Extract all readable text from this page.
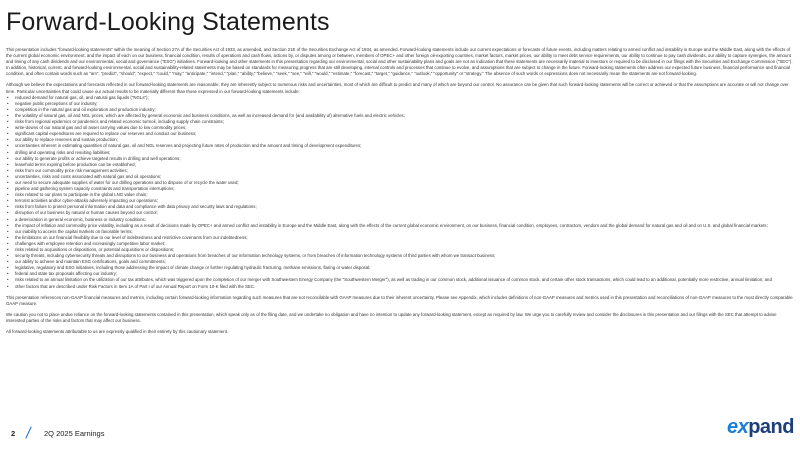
Forward-Looking Statements

This presentation includes "forward-looking statements" within the meaning of Section 27A of the Securities Act of 1933, as amended, and Section 21E of the Securities Exchange Act of 1934, as amended. Forward-looking statements include our current expectations or forecasts of future events, including matters relating to armed conflict and instability in Europe and the Middle East, along with the effects of the current global economic environment, and the impact of each on our business, financial condition, results of operations and cash flows, actions by, or disputes among or between, members of OPEC+ and other foreign oil-exporting countries, market factors, market prices, our ability to meet debt service requirements, our ability to continue to pay cash dividends, our ability to capture synergies, the amount and timing of any cash dividends and our environmental, social and governance ("ESG") initiatives. Forward-looking and other statements in this presentation regarding our environmental, social and other sustainability plans and goals are not an indication that these statements are necessarily material to investors or required to be disclosed in our filings with the Securities and Exchange Commission ("SEC"). In addition, historical, current, and forward-looking environmental, social and sustainability-related statements may be based on standards for measuring progress that are still developing, internal controls and processes that continue to evolve, and assumptions that are subject to change in the future. Forward-looking statements often address our expected future business, financial performance and financial condition, and often contain words such as "am", "predict", "should", "expect," "could," "may," "anticipate," "intend," "plan," "ability," "believe," "seek," "see," "will," "would," "estimate," "forecast," "target," "guidance," "outlook," "opportunity" or "strategy." The absence of such words or expressions does not necessarily mean the statements are not forward-looking.

Although we believe the expectations and forecasts reflected in our forward-looking statements are reasonable, they are inherently subject to numerous risks and uncertainties, most of which are difficult to predict and many of which are beyond our control. No assurance can be given that such forward-looking statements will be correct or achieved or that the assumptions are accurate or will not change over time. Particular uncertainties that could cause our actual results to be materially different than those expressed in our forward-looking statements include:

• reduced demand for natural gas, oil, and natural gas liquids ("NGLs");
• negative public perceptions of our industry;
• competition in the natural gas and oil exploration and production industry;
• the volatility of natural gas, oil and NGL prices, which are affected by general economic and business conditions, as well as increased demand for (and availability of) alternative fuels and electric vehicles;
• risks from regional epidemics or pandemics and related economic turmoil, including supply chain constraints;
• write-downs of our natural gas and oil asset carrying values due to low commodity prices;
• significant capital expenditures are required to replace our reserves and conduct our business;
• our ability to replace reserves and sustain production;
• uncertainties inherent in estimating quantities of natural gas, oil and NGL reserves and projecting future rates of production and the amount and timing of development expenditures;
• drilling and operating risks and resulting liabilities;
• our ability to generate profits or achieve targeted results in drilling and well operations;
• leasehold terms expiring before production can be established;
• risks from our commodity price risk management activities;
• uncertainties, risks and costs associated with natural gas and oil operations;
• our need to secure adequate supplies of water for our drilling operations and to dispose of or recycle the water used;
• pipeline and gathering system capacity constraints and transportation interruptions;
• risks related to our plans to participate in the global LNG value chain;
• terrorist activities and/or cyber-attacks adversely impacting our operations;
• risks from failure to protect personal information and data and compliance with data privacy and security laws and regulations;
• disruption of our business by natural or human causes beyond our control;
• a deterioration in general economic, business or industry conditions;
• the impact of inflation and commodity price volatility, including as a result of decisions made by OPEC+ and armed conflict and instability in Europe and the Middle East, along with the effects of the current global economic environment, on our business, financial condition, employees, contractors, vendors and the global demand for natural gas and oil and on U.S. and global financial markets;
• our inability to access the capital markets on favorable terms;
• the limitations on our financial flexibility due to our level of indebtedness and restrictive covenants from our indebtedness;
• challenges with employee retention and increasingly competitive labor market;
• risks related to acquisitions or dispositions, or potential acquisitions or dispositions;
• security threats, including cybersecurity threats and disruptions to our business and operations from breaches of our information technology systems, or from breaches of information technology systems of third parties with whom we transact business;
• our ability to achieve and maintain ESG certifications, goals and commitments;
• legislative, regulatory and ESG initiatives, including those addressing the impact of climate change or further regulating hydraulic fracturing, methane emissions, flaring or water disposal;
• federal and state tax proposals affecting our industry;
• risks related to an annual limitation on the utilization of our tax attributes, which was triggered upon the completion of our merger with Southwestern Energy Company (the "Southwestern Merger"), as well as trading in our common stock, additional issuance of common stock, and certain other stock transactions, which could lead to an additional, potentially more restrictive, annual limitation; and
• other factors that are described under Risk Factors in Item 1A of Part I of our Annual Report on Form 10-K filed with the SEC.

This presentation references non-GAAP financial measures and metrics, including certain forward-looking information regarding such measures that are not reconcilable with GAAP measures due to their inherent uncertainty. Please see Appendix, which includes definitions of non-GAAP measures and metrics used in this presentation and reconciliations of non-GAAP measures to the most directly comparable GAAP measure.

We caution you not to place undue reliance on the forward-looking statements contained in this presentation, which speak only as of the filing date, and we undertake no obligation and have no intention to update any forward-looking statement, except as required by law. We urge you to carefully review and consider the disclosures in this presentation and our filings with the SEC that attempt to advise interested parties of the risks and factors that may affect our business.

All forward-looking statements attributable to us are expressly qualified in their entirety by this cautionary statement.

2	2Q 2025 Earnings	expand
